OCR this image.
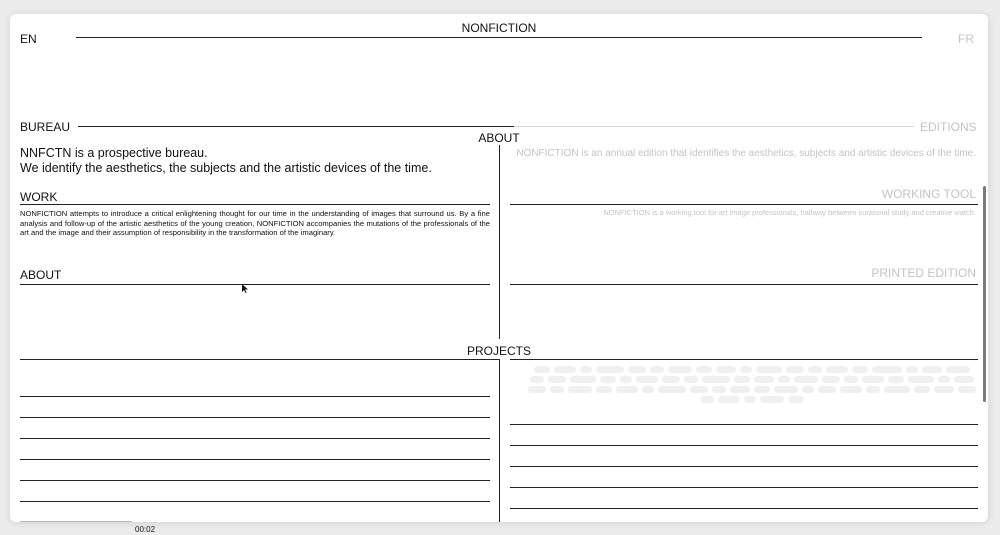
NONFICTION
EN	FR
BUREAU	EDITIONS
ABOUT
NNFCTN is a prospective bureau.
We identify the aesthetics, the subjects and the artistic devices of the time.
WORK
NONFICTION attempts to introduce a critical enlightening thought for our time in the understanding of images that surround us. By a fine analysis and follow-up of the artistic aesthetics of the young creation, NONFICTION accompanies the mutations of the professionals of the art and the image and their assumption of responsibility in the transformation of the imaginary.
ABOUT
NONFICTION is an annual edition that identifies the aesthetics, subjects and artistic devices of the time.
WORKING TOOL
NONFICTION is a working tool for art image professionals, halfway between curatorial study and creative watch.
PRINTED EDITION
PROJECTS
00:02
